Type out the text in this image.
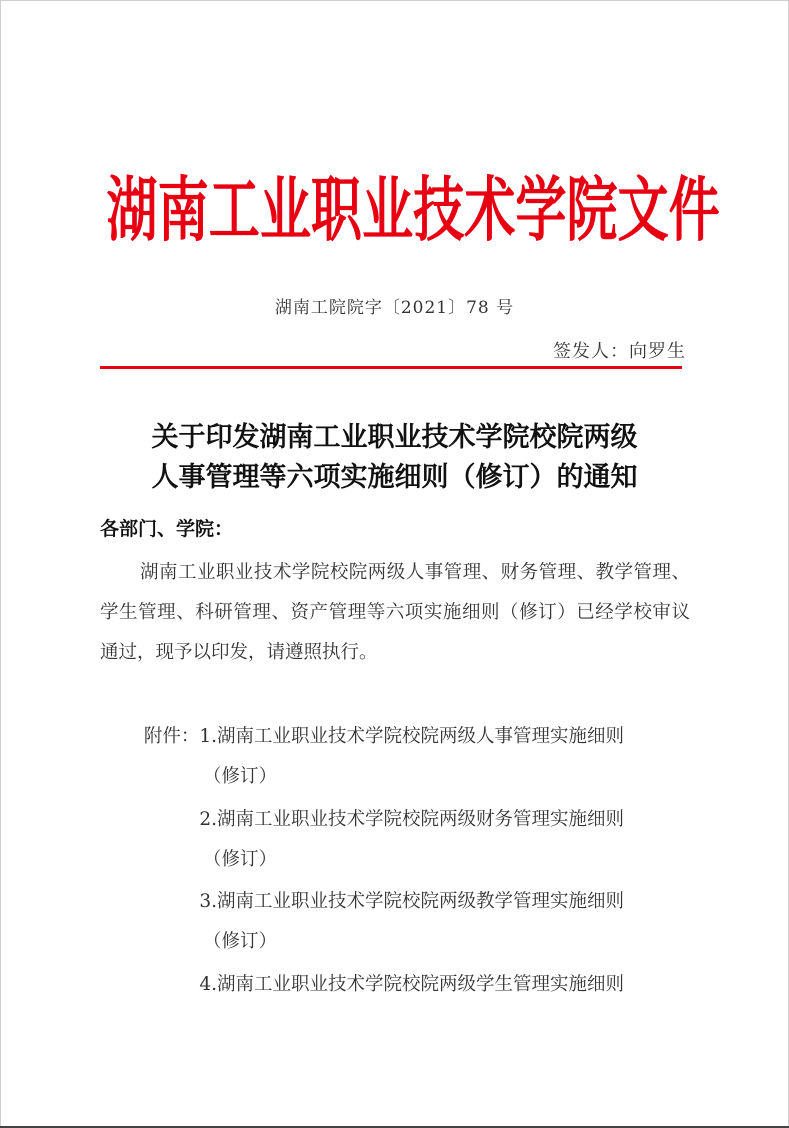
湖南工业职业技术学院文件
湖南工院院字〔2021〕78 号
签发人：向罗生
关于印发湖南工业职业技术学院校院两级
人事管理等六项实施细则（修订）的通知
各部门、学院：
湖南工业职业技术学院校院两级人事管理、财务管理、教学管理、学生管理、科研管理、资产管理等六项实施细则（修订）已经学校审议通过，现予以印发，请遵照执行。
附件：1.湖南工业职业技术学院校院两级人事管理实施细则
（修订）
2.湖南工业职业技术学院校院两级财务管理实施细则
（修订）
3.湖南工业职业技术学院校院两级教学管理实施细则
（修订）
4.湖南工业职业技术学院校院两级学生管理实施细则
